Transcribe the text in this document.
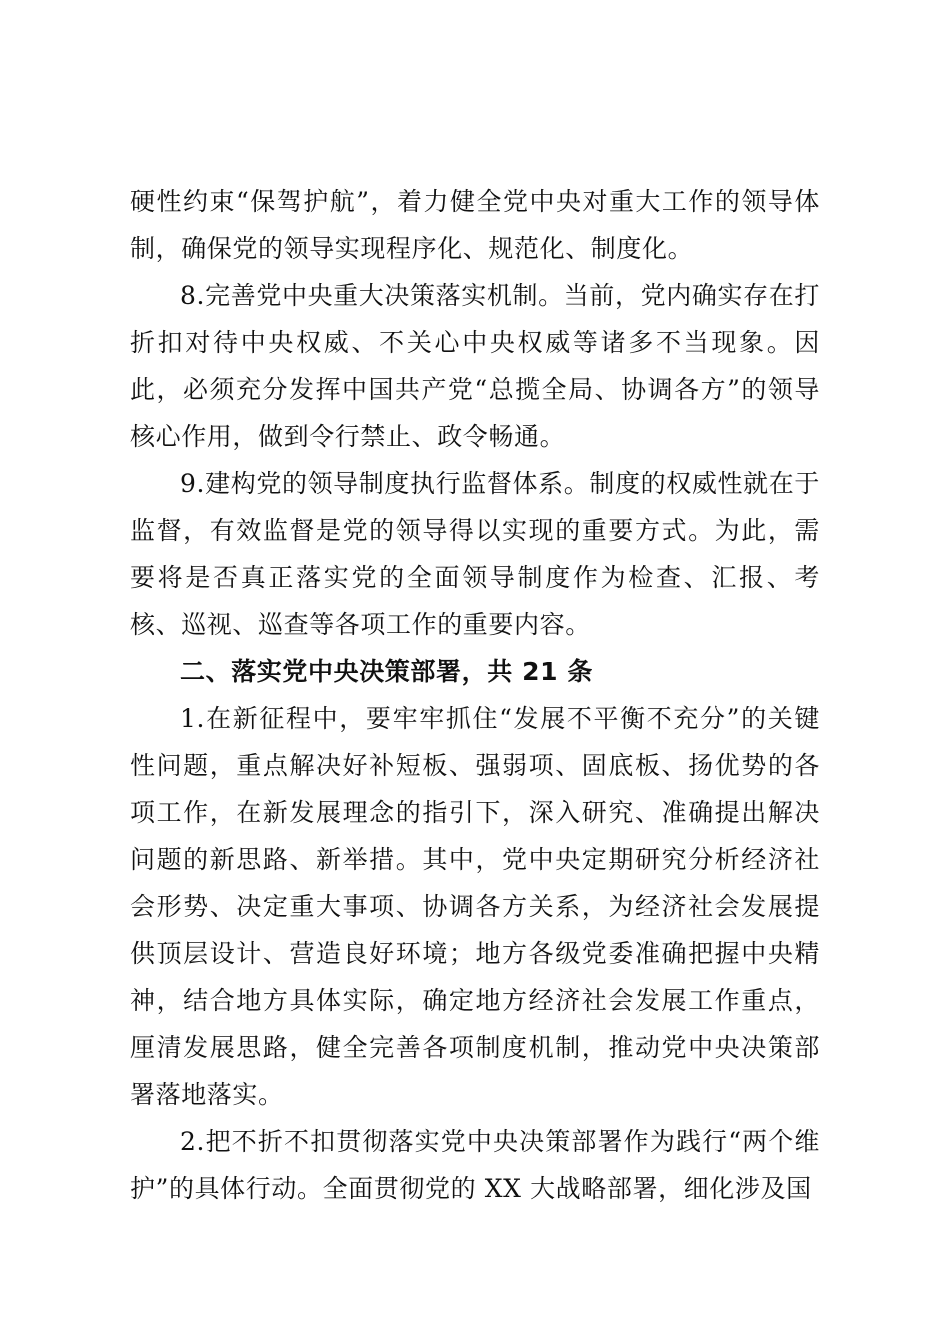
硬性约束“保驾护航”，着力健全党中央对重大工作的领导体制，确保党的领导实现程序化、规范化、制度化。

8.完善党中央重大决策落实机制。当前，党内确实存在打折扣对待中央权威、不关心中央权威等诸多不当现象。因此，必须充分发挥中国共产党“总揽全局、协调各方”的领导核心作用，做到令行禁止、政令畅通。

9.建构党的领导制度执行监督体系。制度的权威性就在于监督，有效监督是党的领导得以实现的重要方式。为此，需要将是否真正落实党的全面领导制度作为检查、汇报、考核、巡视、巡查等各项工作的重要内容。

二、落实党中央决策部署，共 21 条

1.在新征程中，要牢牢抓住“发展不平衡不充分”的关键性问题，重点解决好补短板、强弱项、固底板、扬优势的各项工作，在新发展理念的指引下，深入研究、准确提出解决问题的新思路、新举措。其中，党中央定期研究分析经济社会形势、决定重大事项、协调各方关系，为经济社会发展提供顶层设计、营造良好环境；地方各级党委准确把握中央精神，结合地方具体实际，确定地方经济社会发展工作重点，厘清发展思路，健全完善各项制度机制，推动党中央决策部署落地落实。

2.把不折不扣贯彻落实党中央决策部署作为践行“两个维护”的具体行动。全面贯彻党的 XX 大战略部署，细化涉及国
